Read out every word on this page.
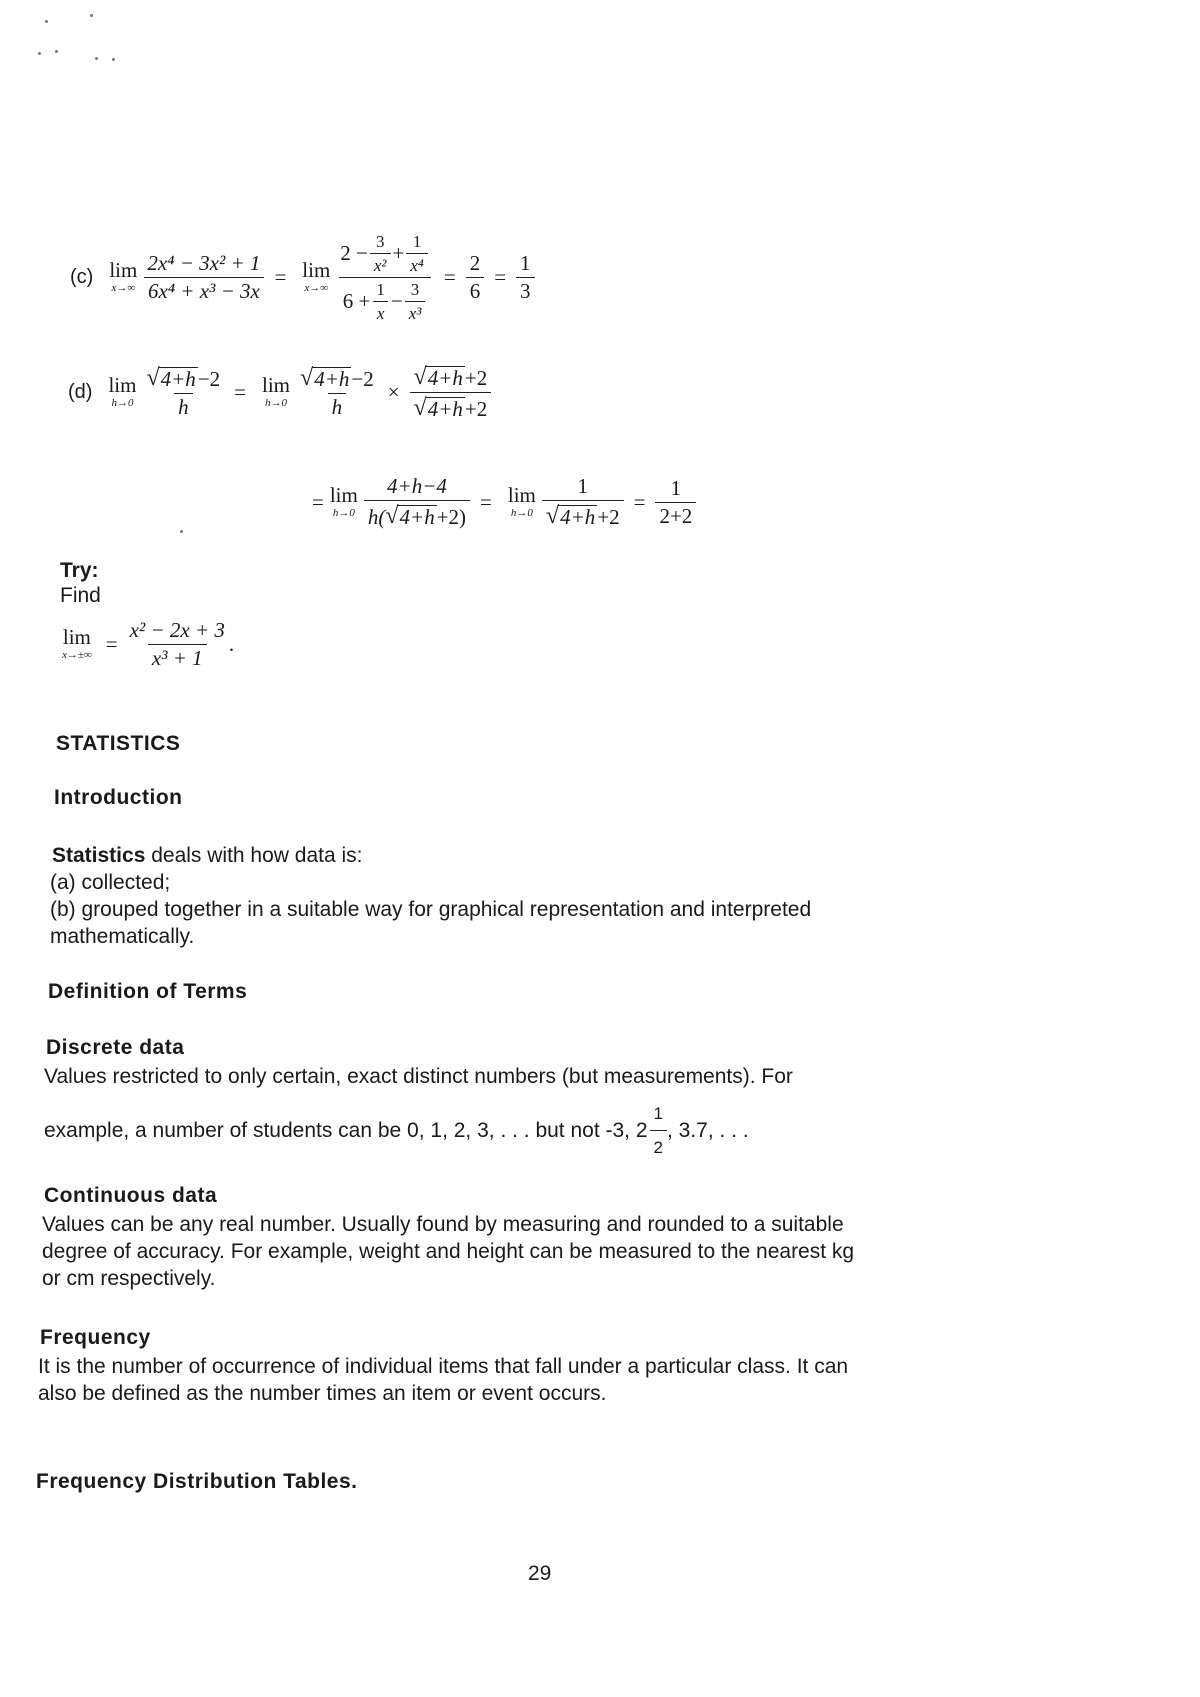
(c) lim
$x\to\infty \frac{\text{2x⁴ − 3x² + 1}}{\text{6x⁴ + x³ − 3x}} = \lim$
x→∞
$2 - \frac{3}{\text{x²}} + \frac{1}{\text{x⁴}}$
$6 + \frac{1}{x} - \frac{3}{\text{x³}}$
= $\frac{2}{6} = \frac{1}{3}$
(d) lim
$h\to 0 \frac{√ 4+h -2}{h} = \lim$
$h\to 0 \frac{√ 4+h -2}{h} \times \frac{√ 4+h +2}{√ 4+h +2}$
= lim
$h\to 0 \frac{4+h-4}{h( √ 4+h +2)} = \lim$
$h\to 0 \frac{1}{√ 4+h +2} = \frac{1}{2+2}$
Try:
Find
lim
$x\to\pm\infty = \frac{\text{x² − 2x + 3}}{\text{x³ + 1}}$ .
STATISTICS
Introduction
Statistics deals with how data is:
(a) collected;
(b) grouped together in a suitable way for graphical representation and interpreted
mathematically.
Definition of Terms
Discrete data
Values restricted to only certain, exact distinct numbers (but measurements). For
example, a number of students can be 0, 1, 2, 3, . . . but not -3, $2 \frac{1}{2}$ , 3.7, . . .
Continuous data
Values can be any real number. Usually found by measuring and rounded to a suitable
degree of accuracy. For example, weight and height can be measured to the nearest kg
or cm respectively.
Frequency
It is the number of occurrence of individual items that fall under a particular class. It can
also be defined as the number times an item or event occurs.
Frequency Distribution Tables.
29
